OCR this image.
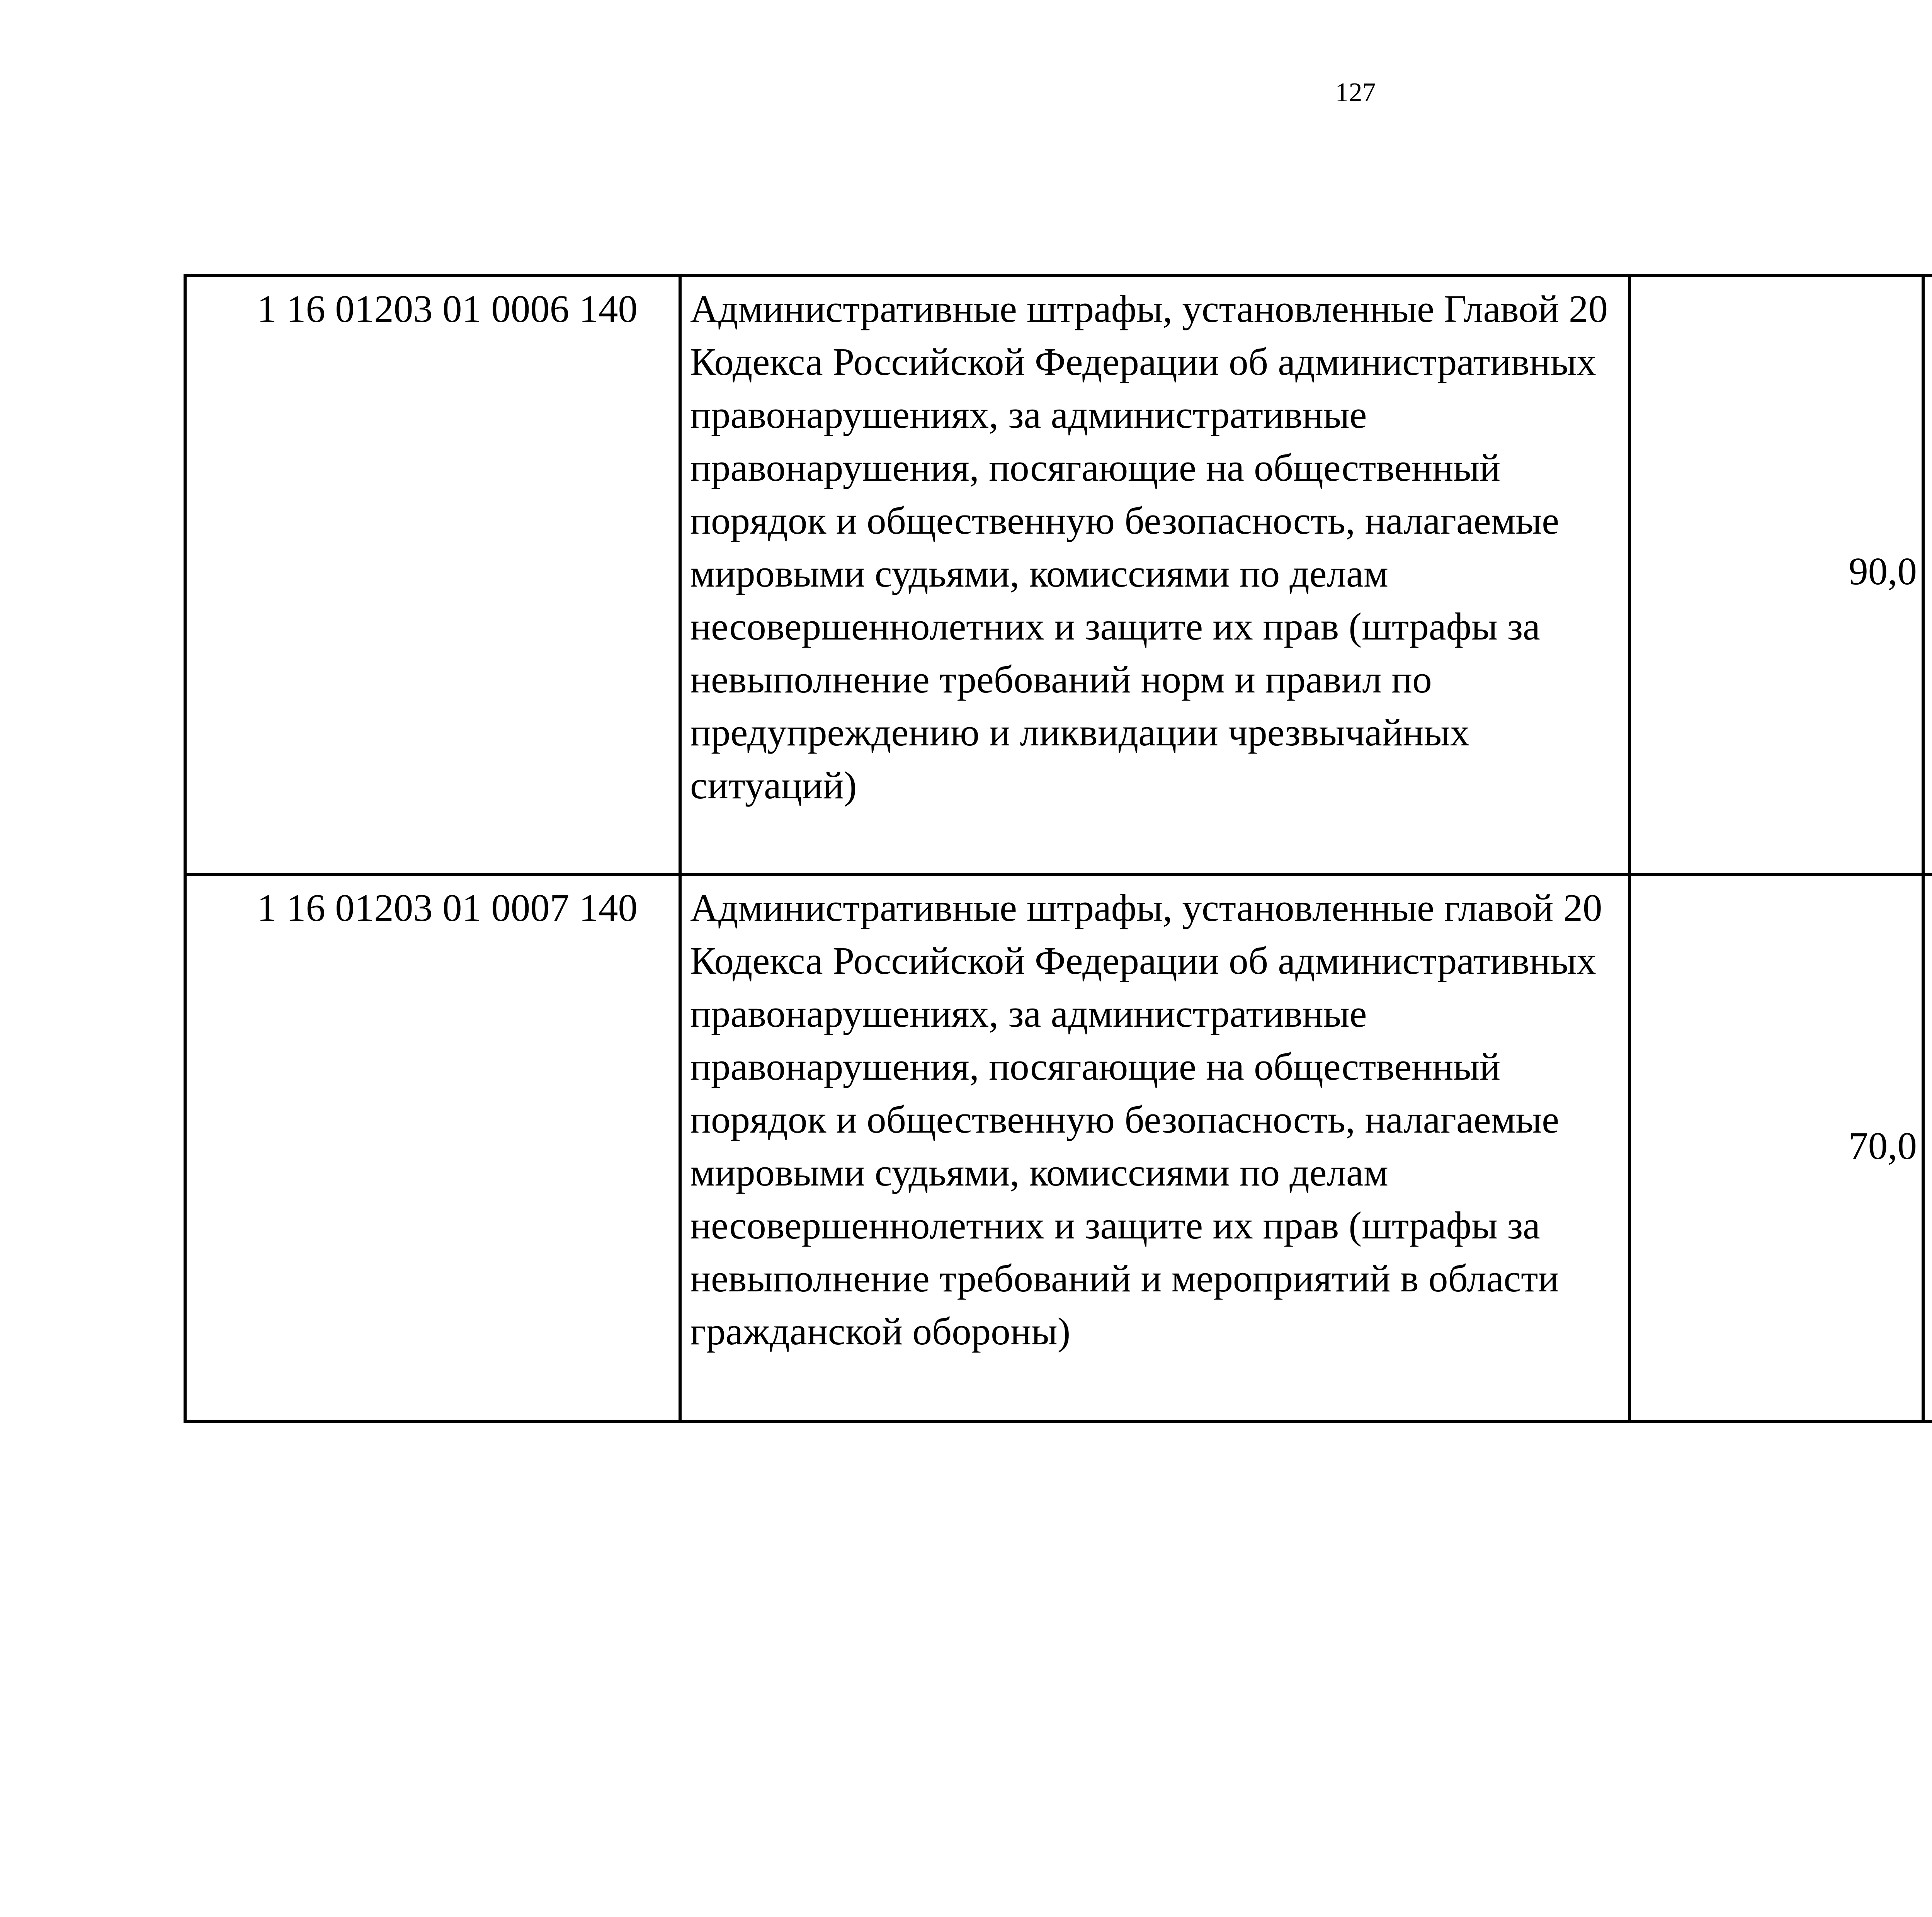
127
1 16 01203 01 0006 140	Административные штрафы, установленные Главой 20 Кодекса Российской Федерации об административных правонарушениях, за административные правонарушения, посягающие на общественный порядок и общественную безопасность, налагаемые мировыми судьями, комиссиями по делам несовершеннолетних и защите их прав (штрафы за невыполнение требований норм и правил по предупреждению и ликвидации чрезвычайных ситуаций)	90,0		
1 16 01203 01 0007 140	Административные штрафы, установленные главой 20 Кодекса Российской Федерации об административных правонарушениях, за административные правонарушения, посягающие на общественный порядок и общественную безопасность, налагаемые мировыми судьями, комиссиями по делам несовершеннолетних и защите их прав (штрафы за невыполнение требований и мероприятий в области гражданской обороны)	70,0		
